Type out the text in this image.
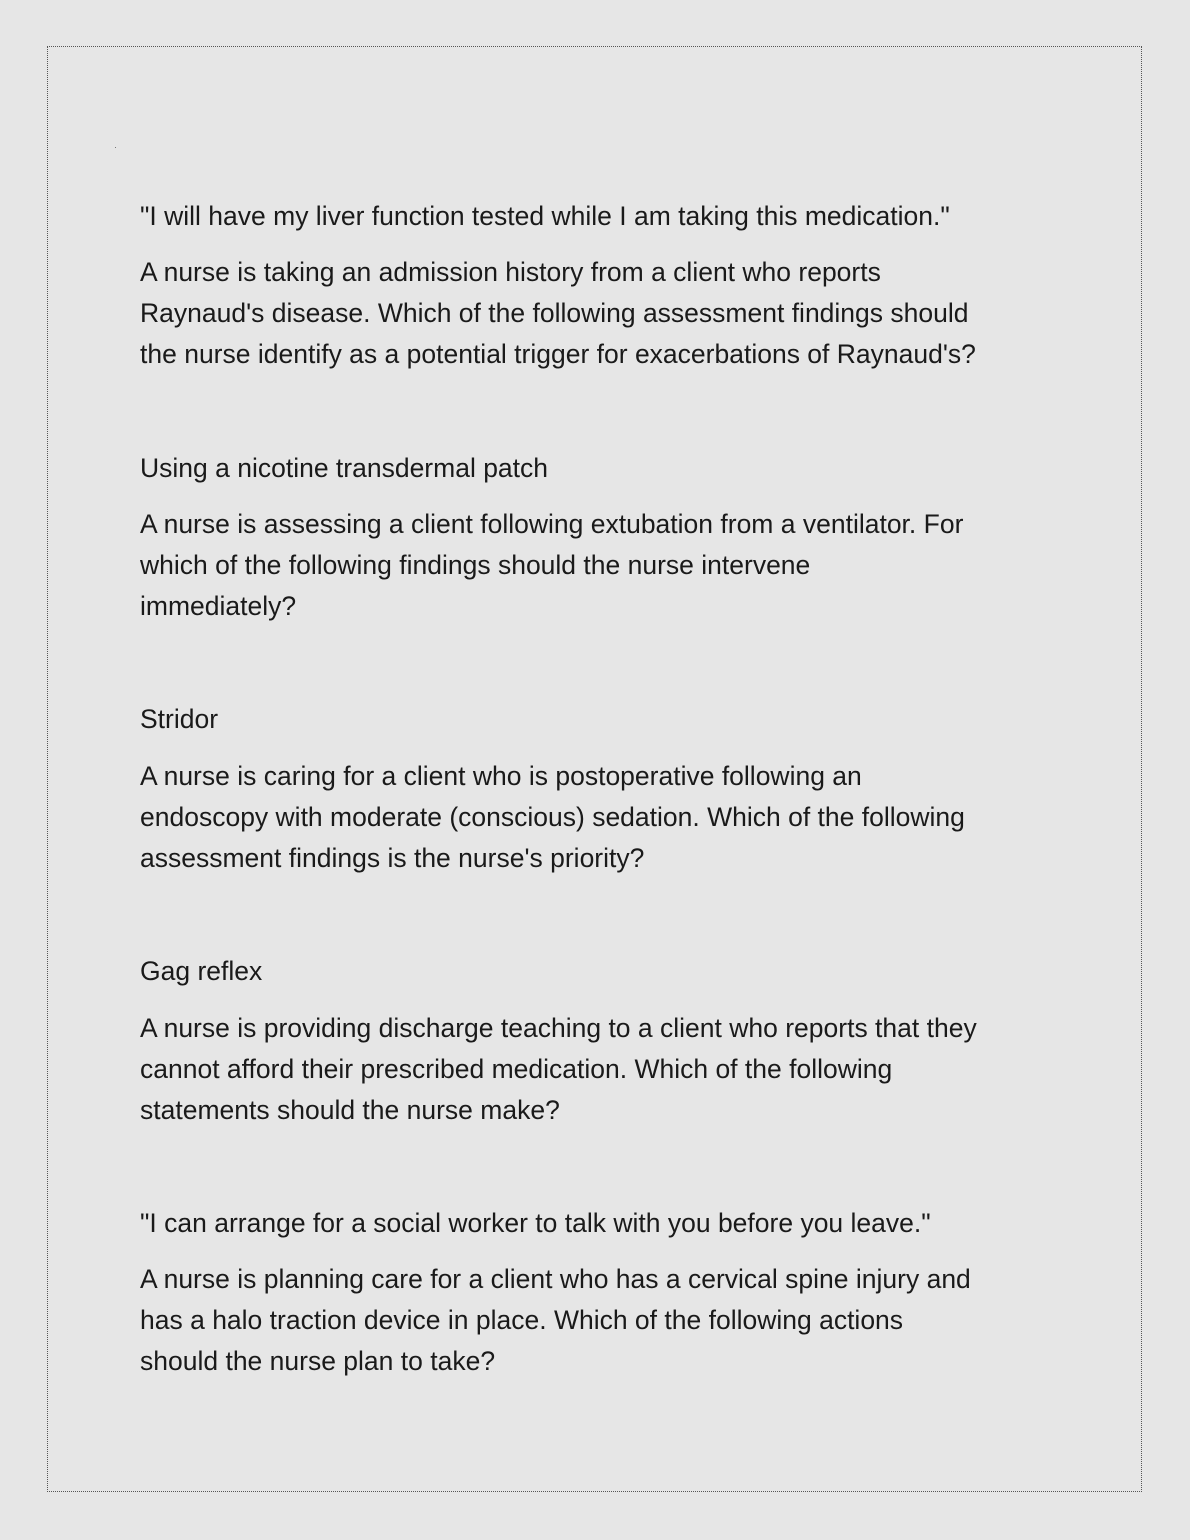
"I will have my liver function tested while I am taking this medication."

A nurse is taking an admission history from a client who reports
Raynaud's disease. Which of the following assessment findings should
the nurse identify as a potential trigger for exacerbations of Raynaud's?

Using a nicotine transdermal patch

A nurse is assessing a client following extubation from a ventilator. For
which of the following findings should the nurse intervene
immediately?

Stridor

A nurse is caring for a client who is postoperative following an
endoscopy with moderate (conscious) sedation. Which of the following
assessment findings is the nurse's priority?

Gag reflex

A nurse is providing discharge teaching to a client who reports that they
cannot afford their prescribed medication. Which of the following
statements should the nurse make?

"I can arrange for a social worker to talk with you before you leave."

A nurse is planning care for a client who has a cervical spine injury and
has a halo traction device in place. Which of the following actions
should the nurse plan to take?
